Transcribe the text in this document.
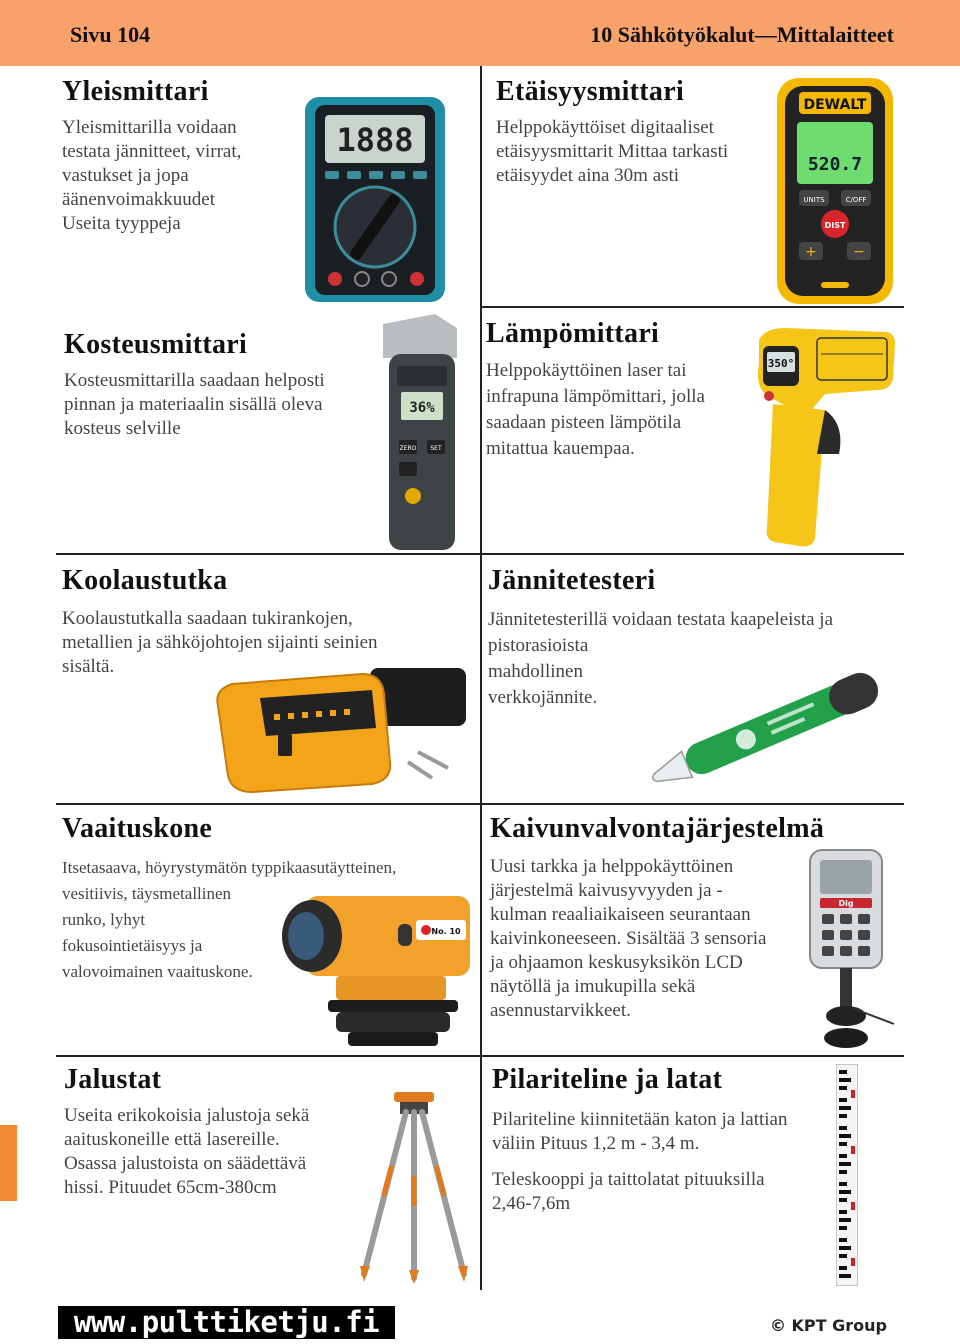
Sivu 104	10 Sähkötyökalut—Mittalaitteet
Yleismittari

Yleismittarilla voidaan

testata jännitteet, virrat,

vastukset ja jopa

äänenvoimakkuudet

Useita tyyppeja

1888
Etäisyysmittari

Helppokäyttöiset digitaaliset

etäisyysmittarit Mittaa tarkasti

etäisyydet aina 30m asti

DEWALT
520.7
UNITS	C/OFF
DIST
+	−
Kosteusmittari

Kosteusmittarilla saadaan helposti

pinnan ja materiaalin sisällä oleva

kosteus selville

36%
ZERO SET
Lämpömittari

Helppokäyttöinen laser tai

infrapuna lämpömittari, jolla

saadaan pisteen lämpötila

mitattua kauempaa.

350°
Koolaustutka

Koolaustutkalla saadaan tukirankojen,

metallien ja sähköjohtojen sijainti seinien

sisältä.

Jännitetesteri

Jännitetesterillä voidaan testata kaapeleista ja

pistorasioista

mahdollinen

verkkojännite.

Vaaituskone

Itsetasaava, höyrystymätön typpikaasutäytteinen,

vesitiivis, täysmetallinen

runko, lyhyt

fokusointietäisyys ja

valovoimainen vaaituskone.

No. 10
Kaivunvalvontajärjestelmä

Uusi tarkka ja helppokäyttöinen

järjestelmä kaivusyvyyden ja -

kulman reaaliaikaiseen seurantaan

kaivinkoneeseen. Sisältää 3 sensoria

ja ohjaamon keskusyksikön LCD

näytöllä ja imukupilla sekä

asennustarvikkeet.

Dig
Jalustat

Useita erikokoisia jalustoja sekä

aaituskoneille että lasereille.

Osassa jalustoista on säädettävä

hissi. Pituudet 65cm-380cm

Pilariteline ja latat

Pilariteline kiinnitetään katon ja lattian

väliin Pituus 1,2 m - 3,4 m.

Teleskooppi ja taittolatat pituuksilla

2,46-7,6m

www.pulttiketju.fi	© KPT Group
